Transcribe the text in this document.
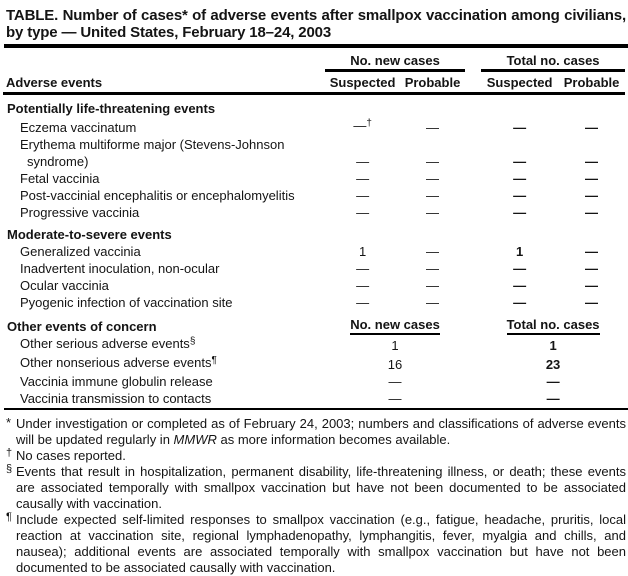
TABLE. Number of cases* of adverse events after smallpox vaccination among civilians, by type — United States, February 18–24, 2003
	No. new cases			Total no. cases	
Adverse events	Suspected	Probable		Suspected	Probable
Potentially life-threatening events					
Eczema vaccinatum	—†	—		—	—
Erythema multiforme major (Stevens-Johnson syndrome)	—	—		—	—
Fetal vaccinia	—	—		—	—
Post-vaccinial encephalitis or encephalomyelitis	—	—		—	—
Progressive vaccinia	—	—		—	—
Moderate-to-severe events					
Generalized vaccinia	1	—		1	—
Inadvertent inoculation, non-ocular	—	—		—	—
Ocular vaccinia	—	—		—	—
Pyogenic infection of vaccination site	—	—		—	—
Other events of concern	No. new cases			Total no. cases	
Other serious adverse events§	1			1	
Other nonserious adverse events¶	16			23	
Vaccinia immune globulin release	—			—	
Vaccinia transmission to contacts	—			—	
* Under investigation or completed as of February 24, 2003; numbers and classifications of adverse events will be updated regularly in MMWR as more information becomes available.
† No cases reported.
§ Events that result in hospitalization, permanent disability, life-threatening illness, or death; these events are associated temporally with smallpox vaccination but have not been documented to be associated causally with vaccination.
¶ Include expected self-limited responses to smallpox vaccination (e.g., fatigue, headache, pruritis, local reaction at vaccination site, regional lymphadenopathy, lymphangitis, fever, myalgia and chills, and nausea); additional events are associated temporally with smallpox vaccination but have not been documented to be associated causally with vaccination.
